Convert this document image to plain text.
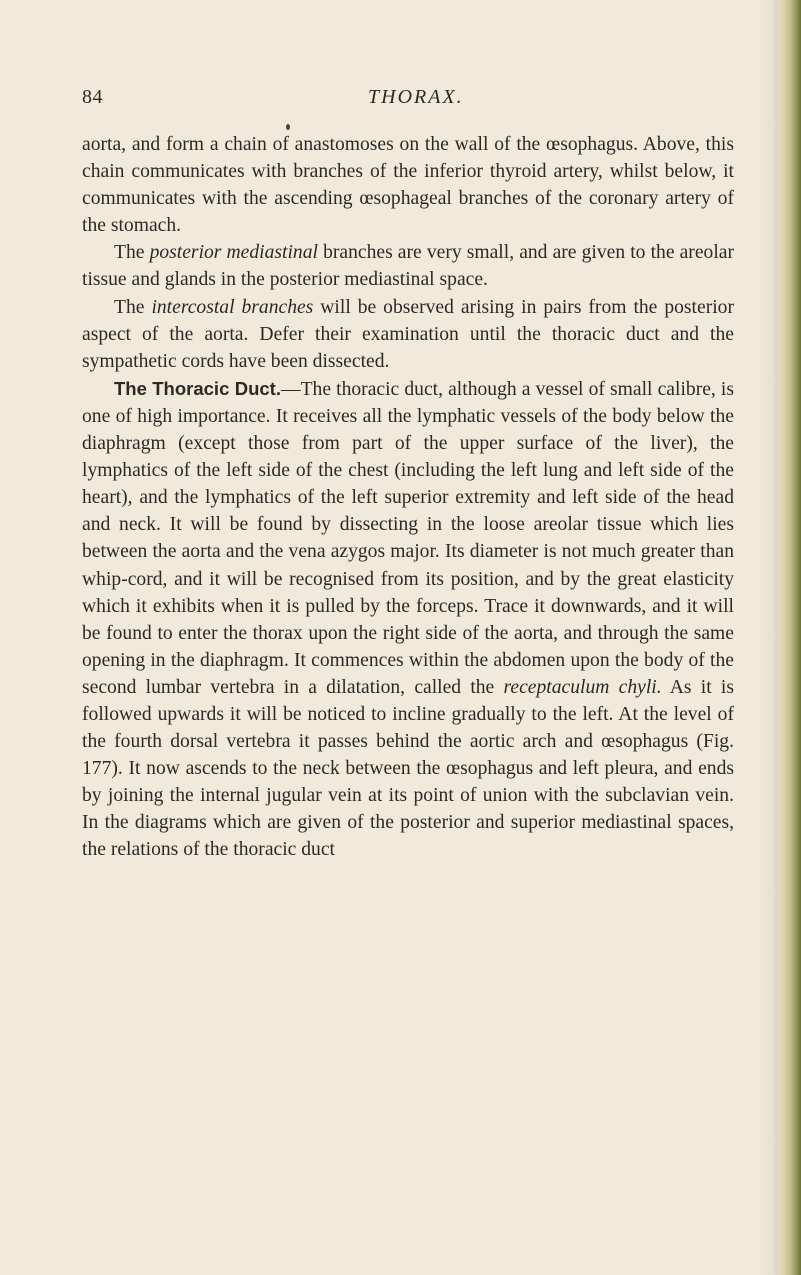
84	THORAX.

aorta, and form a chain of anastomoses on the wall of the œsophagus. Above, this chain communicates with branches of the inferior thyroid artery, whilst below, it communicates with the ascending œsophageal branches of the coronary artery of the stomach.

The posterior mediastinal branches are very small, and are given to the areolar tissue and glands in the posterior mediastinal space.

The intercostal branches will be observed arising in pairs from the posterior aspect of the aorta. Defer their examination until the thoracic duct and the sympathetic cords have been dissected.

The Thoracic Duct.—The thoracic duct, although a vessel of small calibre, is one of high importance. It receives all the lymphatic vessels of the body below the diaphragm (except those from part of the upper surface of the liver), the lymphatics of the left side of the chest (including the left lung and left side of the heart), and the lymphatics of the left superior extremity and left side of the head and neck. It will be found by dissecting in the loose areolar tissue which lies between the aorta and the vena azygos major. Its diameter is not much greater than whip-cord, and it will be recognised from its position, and by the great elasticity which it exhibits when it is pulled by the forceps. Trace it downwards, and it will be found to enter the thorax upon the right side of the aorta, and through the same opening in the diaphragm. It commences within the abdomen upon the body of the second lumbar vertebra in a dilatation, called the receptaculum chyli. As it is followed upwards it will be noticed to incline gradually to the left. At the level of the fourth dorsal vertebra it passes behind the aortic arch and œsophagus (Fig. 177). It now ascends to the neck between the œsophagus and left pleura, and ends by joining the internal jugular vein at its point of union with the subclavian vein. In the diagrams which are given of the posterior and superior mediastinal spaces, the relations of the thoracic duct
